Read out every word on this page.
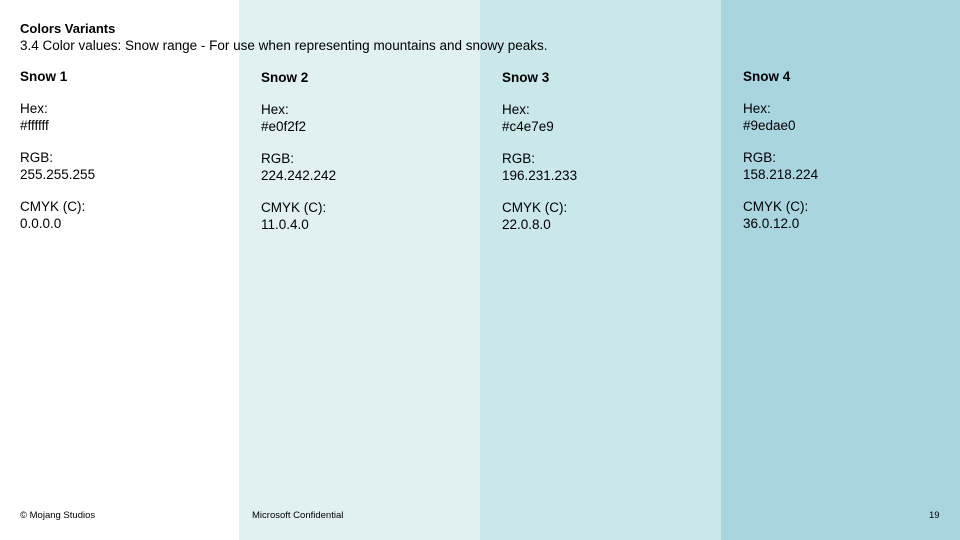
Colors Variants
3.4 Color values: Snow range - For use when representing mountains and snowy peaks.
Snow 1
Hex:
#ffffff
RGB:
255.255.255
CMYK (C):
0.0.0.0
Snow 2
Hex:
#e0f2f2
RGB:
224.242.242
CMYK (C):
11.0.4.0
Snow 3
Hex:
#c4e7e9
RGB:
196.231.233
CMYK (C):
22.0.8.0
Snow 4
Hex:
#9edae0
RGB:
158.218.224
CMYK (C):
36.0.12.0
© Mojang Studios	Microsoft Confidential	19
